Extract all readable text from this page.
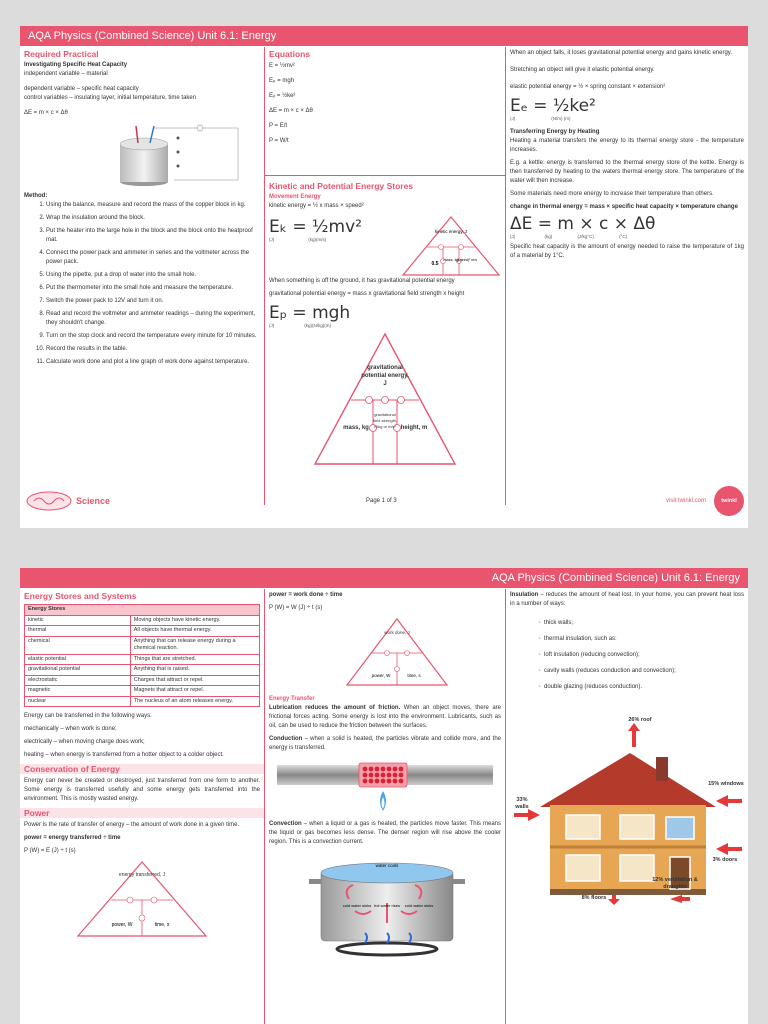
AQA Physics (Combined Science) Unit 6.1: Energy
Required Practical
Investigating Specific Heat Capacity
independent variable – material
dependent variable – specific heat capacity
control variables – insulating layer, initial temperature, time taken
ΔE = m × c × Δθ
Method:
1. Using the balance, measure and record the mass of the copper block in kg.
2. Wrap the insulation around the block.
3. Put the heater into the large hole in the block and the block onto the heatproof mat.
4. Connect the power pack and ammeter in series and the voltmeter across the power pack.
5. Using the pipette, put a drop of water into the small hole.
6. Put the thermometer into the small hole and measure the temperature.
7. Switch the power pack to 12V and turn it on.
8. Read and record the voltmeter and ammeter readings – during the experiment, they shouldn't change.
9. Turn on the stop clock and record the temperature every minute for 10 minutes.
10. Record the results in the table.
11. Calculate work done and plot a line graph of work done against temperature.
Equations
E = ½mv²
Eₚ = mgh
Eₑ = ½ke²
ΔE = m × c × Δθ
P = E/t
P = W/t
Kinetic and Potential Energy Stores
Movement Energy
kinetic energy = ½ x mass × speed²
Eₖ = ½mv²
(J)	(kg)(m/s)
kinetic energy, J
0.5
mass, kg
(speed)² m/s
When something is off the ground, it has gravitational potential energy
gravitational potential energy = mass x gravitational field strength x height
Eₚ = mgh
(J)	(kg)(N/kg)(m)
gravitational potential energy, J
mass, kg
gravitational field strength, N/kg or m/s² height, m
When an object falls, it loses gravitational potential energy and gains kinetic energy.
Stretching an object will give it elastic potential energy.
elastic potential energy = ½ × spring constant × extension²
Eₑ = ½ke²
(J)	(N/m) (m)
Transferring Energy by Heating
Heating a material transfers the energy to its thermal energy store - the temperature increases.
E.g. a kettle: energy is transferred to the thermal energy store of the kettle. Energy is then transferred by heating to the waters thermal energy store. The temperature of the water will then increase.
Some materials need more energy to increase their temperature than others.
change in thermal energy = mass × specific heat capacity × temperature change
ΔE = m × c × Δθ
(J)	(kg)	(J/kg°C)	(°C)
Specific heat capacity is the amount of energy needed to raise the temperature of 1kg of a material by 1°C.
Science	Page 1 of 3	visit twinkl.com	twinkl
AQA Physics (Combined Science) Unit 6.1: Energy
Energy Stores and Systems
Energy Stores	
kinetic	Moving objects have kinetic energy.
thermal	All objects have thermal energy.
chemical	Anything that can release energy during a chemical reaction.
elastic potential	Things that are stretched.
gravitational potential	Anything that is raised.
electrostatic	Charges that attract or repel.
magnetic	Magnets that attract or repel.
nuclear	The nucleus of an atom releases energy.
Energy can be transferred in the following ways:
mechanically – when work is done;
electrically – when moving charge does work;
heating – when energy is transferred from a hotter object to a colder object.
Conservation of Energy
Energy can never be created or destroyed, just transferred from one form to another. Some energy is transferred usefully and some energy gets transferred into the environment. This is mostly wasted energy.
Power
Power is the rate of transfer of energy – the amount of work done in a given time.
power = energy transferred ÷ time
P (W) = E (J) ÷ t (s)
energy transferred, J
power, W	time, s
power = work done ÷ time
P (W) = W (J) ÷ t (s)
work done, J
power, W	time, s
Energy Transfer
Lubrication reduces the amount of friction. When an object moves, there are frictional forces acting. Some energy is lost into the environment. Lubricants, such as oil, can be used to reduce the friction between the surfaces.
Conduction – when a solid is heated, the particles vibrate and collide more, and the energy is transferred.
Convection – when a liquid or a gas is heated, the particles move faster. This means the liquid or gas becomes less dense. The denser region will rise above the cooler region. This is a convection current.
water cools
cold water sinks hot water rises cold water sinks
Insulation – reduces the amount of heat lost. In your home, you can prevent heat loss in a number of ways:
◦ thick walls;
◦ thermal insulation, such as:
◦ loft insulation (reducing convection);
◦ cavity walls (reduces conduction and convection);
◦ double glazing (reduces conduction).
26% roof
33% walls
15% windows
3% doors
12% ventilation & draughts
8% floors
